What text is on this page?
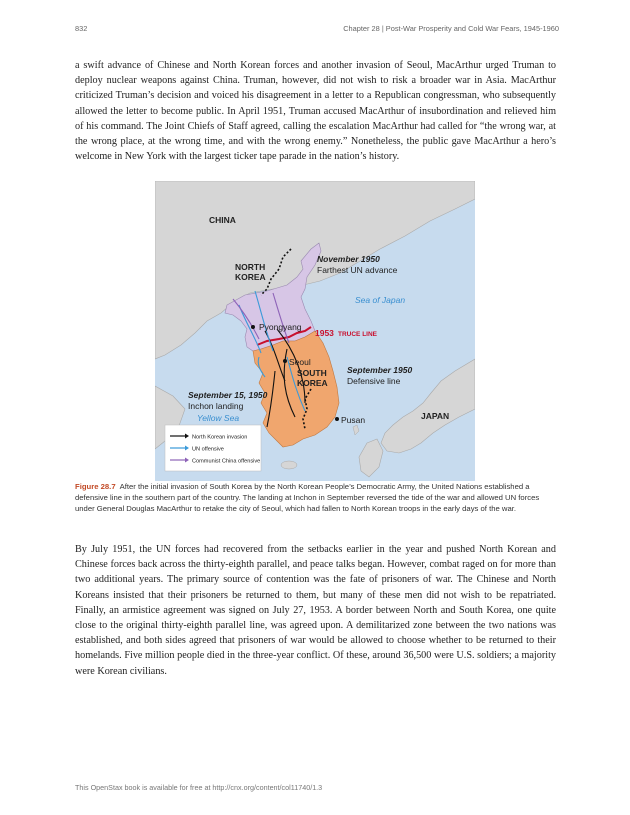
832	Chapter 28 | Post-War Prosperity and Cold War Fears, 1945-1960

a swift advance of Chinese and North Korean forces and another invasion of Seoul, MacArthur urged Truman to deploy nuclear weapons against China. Truman, however, did not wish to risk a broader war in Asia. MacArthur criticized Truman’s decision and voiced his disagreement in a letter to a Republican congressman, who subsequently allowed the letter to become public. In April 1951, Truman accused MacArthur of insubordination and relieved him of his command. The Joint Chiefs of Staff agreed, calling the escalation MacArthur had called for “the wrong war, at the wrong place, at the wrong time, and with the wrong enemy.” Nonetheless, the public gave MacArthur a hero’s welcome in New York with the largest ticker tape parade in the nation’s history.

CHINA
NORTH
KOREA
November 1950
Farthest UN advance
Sea of Japan
Pyongyang
1953 TRUCE LINE
Seoul
SOUTH
KOREA
September 1950
Defensive line
September 15, 1950
Inchon landing
Yellow Sea	Pusan	JAPAN
North Korean invasion
UN offensive
Communist China offensive

Figure 28.7 After the initial invasion of South Korea by the North Korean People’s Democratic Army, the United Nations established a defensive line in the southern part of the country. The landing at Inchon in September reversed the tide of the war and allowed UN forces under General Douglas MacArthur to retake the city of Seoul, which had fallen to North Korean troops in the early days of the war.

By July 1951, the UN forces had recovered from the setbacks earlier in the year and pushed North Korean and Chinese forces back across the thirty-eighth parallel, and peace talks began. However, combat raged on for more than two additional years. The primary source of contention was the fate of prisoners of war. The Chinese and North Koreans insisted that their prisoners be returned to them, but many of these men did not wish to be repatriated. Finally, an armistice agreement was signed on July 27, 1953. A border between North and South Korea, one quite close to the original thirty-eighth parallel line, was agreed upon. A demilitarized zone between the two nations was established, and both sides agreed that prisoners of war would be allowed to choose whether to be returned to their homelands. Five million people died in the three-year conflict. Of these, around 36,500 were U.S. soldiers; a majority were Korean civilians.

This OpenStax book is available for free at http://cnx.org/content/col11740/1.3
